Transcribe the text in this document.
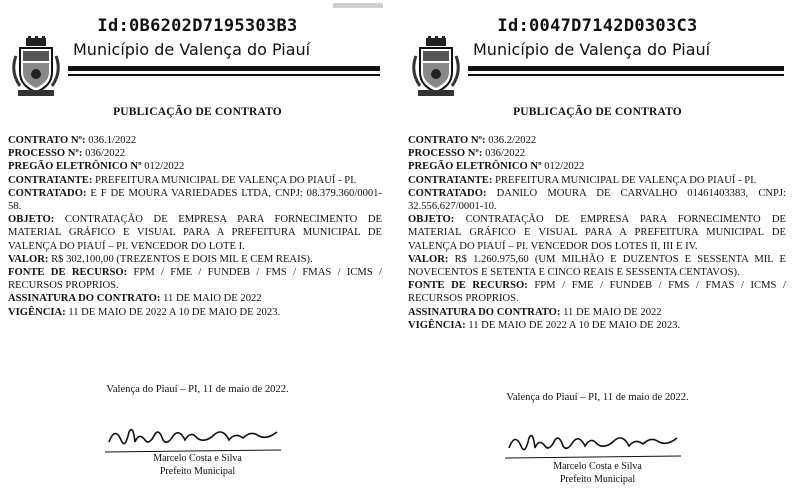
Id:0B6202D7195303B3
Município de Valença do Piauí
PUBLICAÇÃO DE CONTRATO

CONTRATO Nº: 036.1/2022

PROCESSO Nº: 036/2022

PREGÃO ELETRÔNICO Nº 012/2022

CONTRATANTE: PREFEITURA MUNICIPAL DE VALENÇA DO PIAUÍ - PI.

CONTRATADO: E F DE MOURA VARIEDADES LTDA, CNPJ: 08.379.360/0001-58.

OBJETO: CONTRATAÇÃO DE EMPRESA PARA FORNECIMENTO DE MATERIAL GRÁFICO E VISUAL PARA A PREFEITURA MUNICIPAL DE VALENÇA DO PIAUÍ – PI. VENCEDOR DO LOTE I.

VALOR: R$ 302.100,00 (TREZENTOS E DOIS MIL E CEM REAIS).

FONTE DE RECURSO: FPM / FME / FUNDEB / FMS / FMAS / ICMS / RECURSOS PROPRIOS.

ASSINATURA DO CONTRATO: 11 DE MAIO DE 2022

VIGÊNCIA: 11 DE MAIO DE 2022 A 10 DE MAIO DE 2023.

Valença do Piauí – PI, 11 de maio de 2022.
Marcelo Costa e Silva
Prefeito Municipal
Id:0047D7142D0303C3
Município de Valença do Piauí
PUBLICAÇÃO DE CONTRATO

CONTRATO Nº: 036.2/2022

PROCESSO Nº: 036/2022

PREGÃO ELETRÔNICO Nº 012/2022

CONTRATANTE: PREFEITURA MUNICIPAL DE VALENÇA DO PIAUÍ - PI.

CONTRATADO: DANILO MOURA DE CARVALHO 01461403383, CNPJ: 32.556.627/0001-10.

OBJETO: CONTRATAÇÃO DE EMPRESA PARA FORNECIMENTO DE MATERIAL GRÁFICO E VISUAL PARA A PREFEITURA MUNICIPAL DE VALENÇA DO PIAUÍ – PI. VENCEDOR DOS LOTES II, III E IV.

VALOR: R$ 1.260.975,60 (UM MILHÃO E DUZENTOS E SESSENTA MIL E NOVECENTOS E SETENTA E CINCO REAIS E SESSENTA CENTAVOS).

FONTE DE RECURSO: FPM / FME / FUNDEB / FMS / FMAS / ICMS / RECURSOS PROPRIOS.

ASSINATURA DO CONTRATO: 11 DE MAIO DE 2022

VIGÊNCIA: 11 DE MAIO DE 2022 A 10 DE MAIO DE 2023.

Valença do Piauí – PI, 11 de maio de 2022.
Marcelo Costa e Silva
Prefeito Municipal
